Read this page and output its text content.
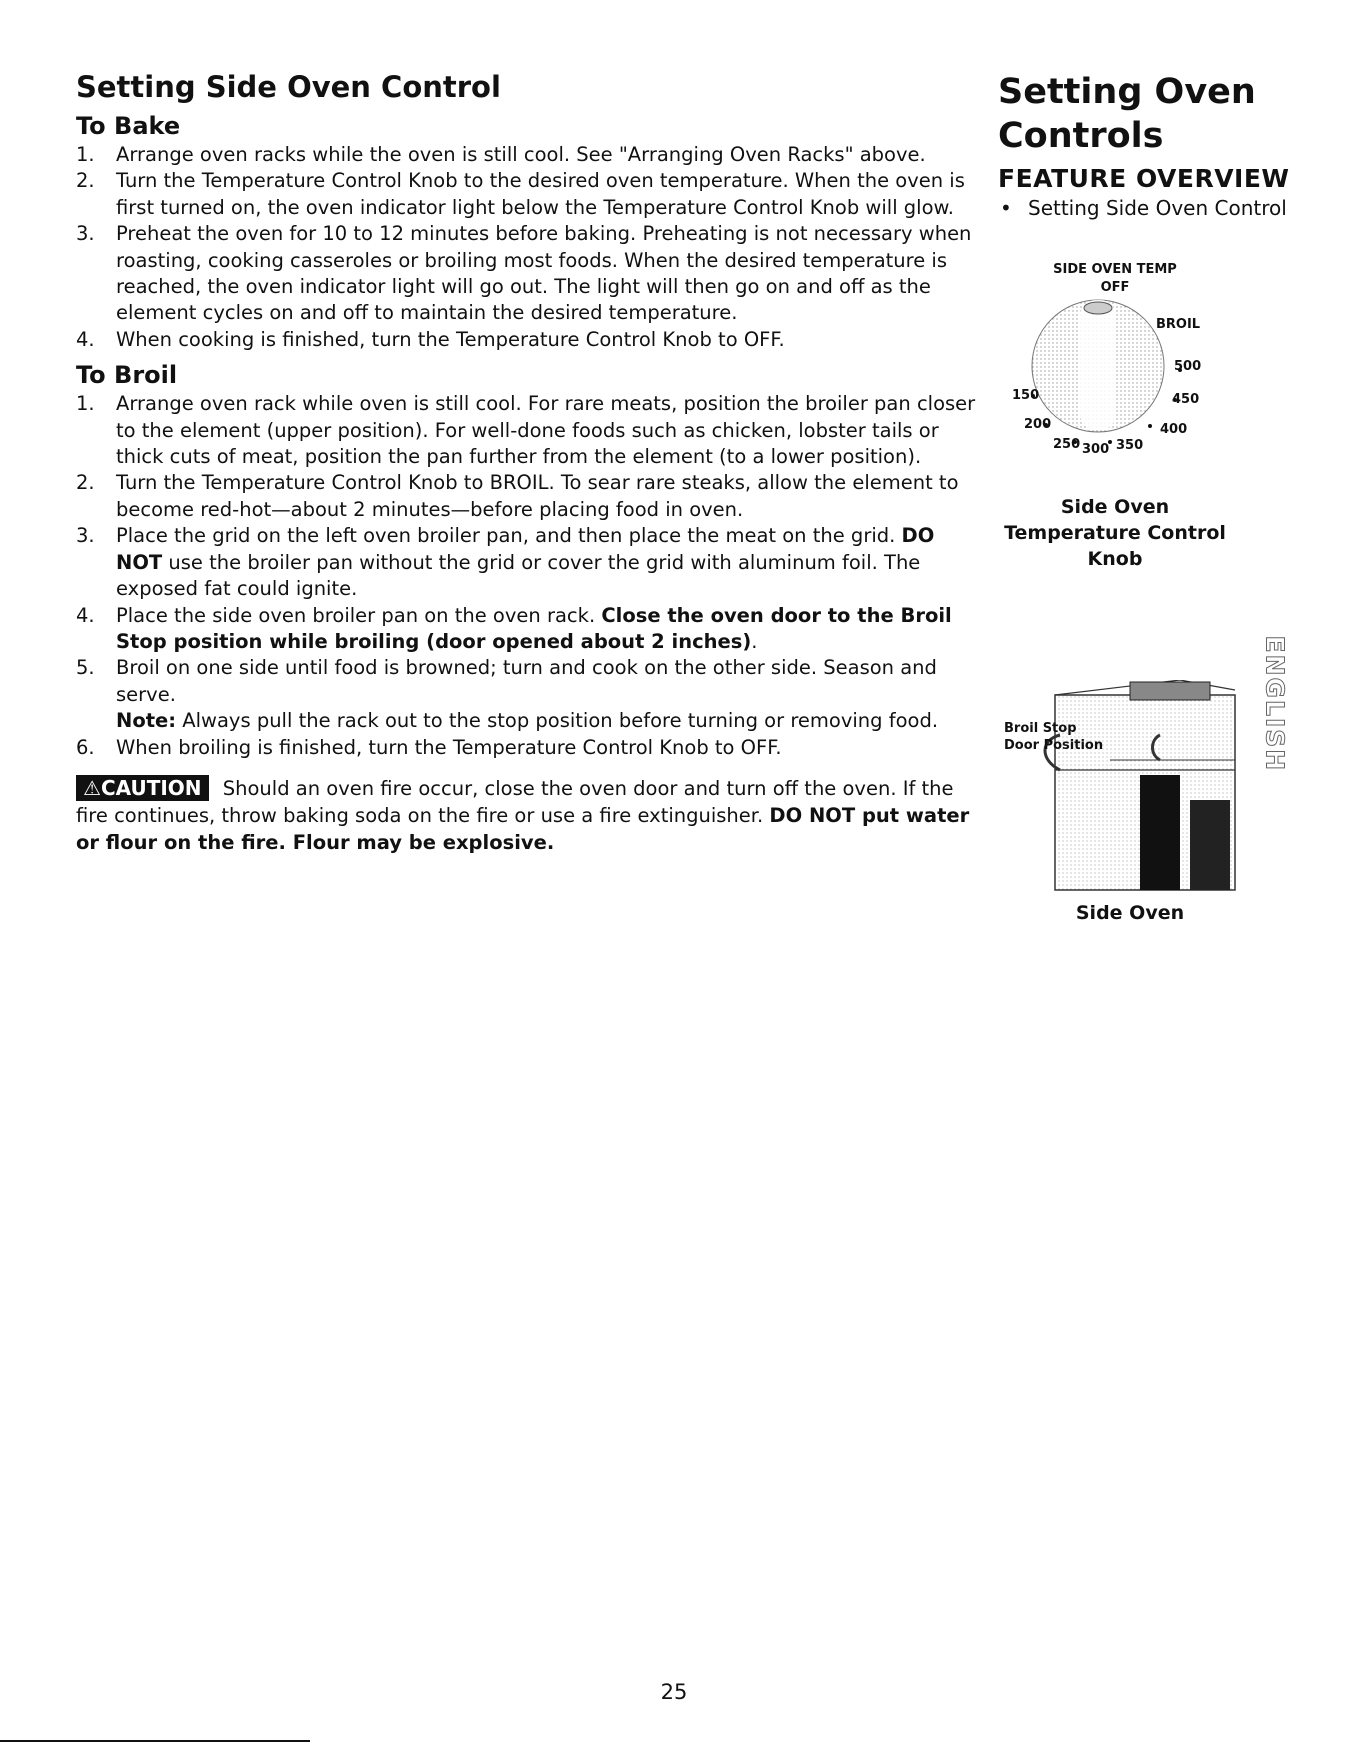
Setting Side Oven Control
To Bake
1. Arrange oven racks while the oven is still cool. See "Arranging Oven Racks" above.
2. Turn the Temperature Control Knob to the desired oven temperature. When the oven is first turned on, the oven indicator light below the Temperature Control Knob will glow.
3. Preheat the oven for 10 to 12 minutes before baking. Preheating is not necessary when roasting, cooking casseroles or broiling most foods. When the desired temperature is reached, the oven indicator light will go out. The light will then go on and off as the element cycles on and off to maintain the desired temperature.
4. When cooking is finished, turn the Temperature Control Knob to OFF.
To Broil
1. Arrange oven rack while oven is still cool. For rare meats, position the broiler pan closer to the element (upper position). For well-done foods such as chicken, lobster tails or thick cuts of meat, position the pan further from the element (to a lower position).
2. Turn the Temperature Control Knob to BROIL. To sear rare steaks, allow the element to become red-hot—about 2 minutes—before placing food in oven.
3. Place the grid on the left oven broiler pan, and then place the meat on the grid. DO NOT use the broiler pan without the grid or cover the grid with aluminum foil. The exposed fat could ignite.
4. Place the side oven broiler pan on the oven rack. Close the oven door to the Broil Stop position while broiling (door opened about 2 inches).
5. Broil on one side until food is browned; turn and cook on the other side. Season and serve.
Note: Always pull the rack out to the stop position before turning or removing food.
6. When broiling is finished, turn the Temperature Control Knob to OFF.
⚠CAUTION Should an oven fire occur, close the oven door and turn off the oven. If the fire continues, throw baking soda on the fire or use a fire extinguisher. DO NOT put water or flour on the fire. Flour may be explosive.
Setting Oven
Controls
FEATURE OVERVIEW
• Setting Side Oven Control
SIDE OVEN TEMP
OFF
BROIL
500
450
400
150
200
250 300 350
Side Oven
Temperature Control
Knob
ENGLISH
Broil Stop
Door Position
Side Oven
25
